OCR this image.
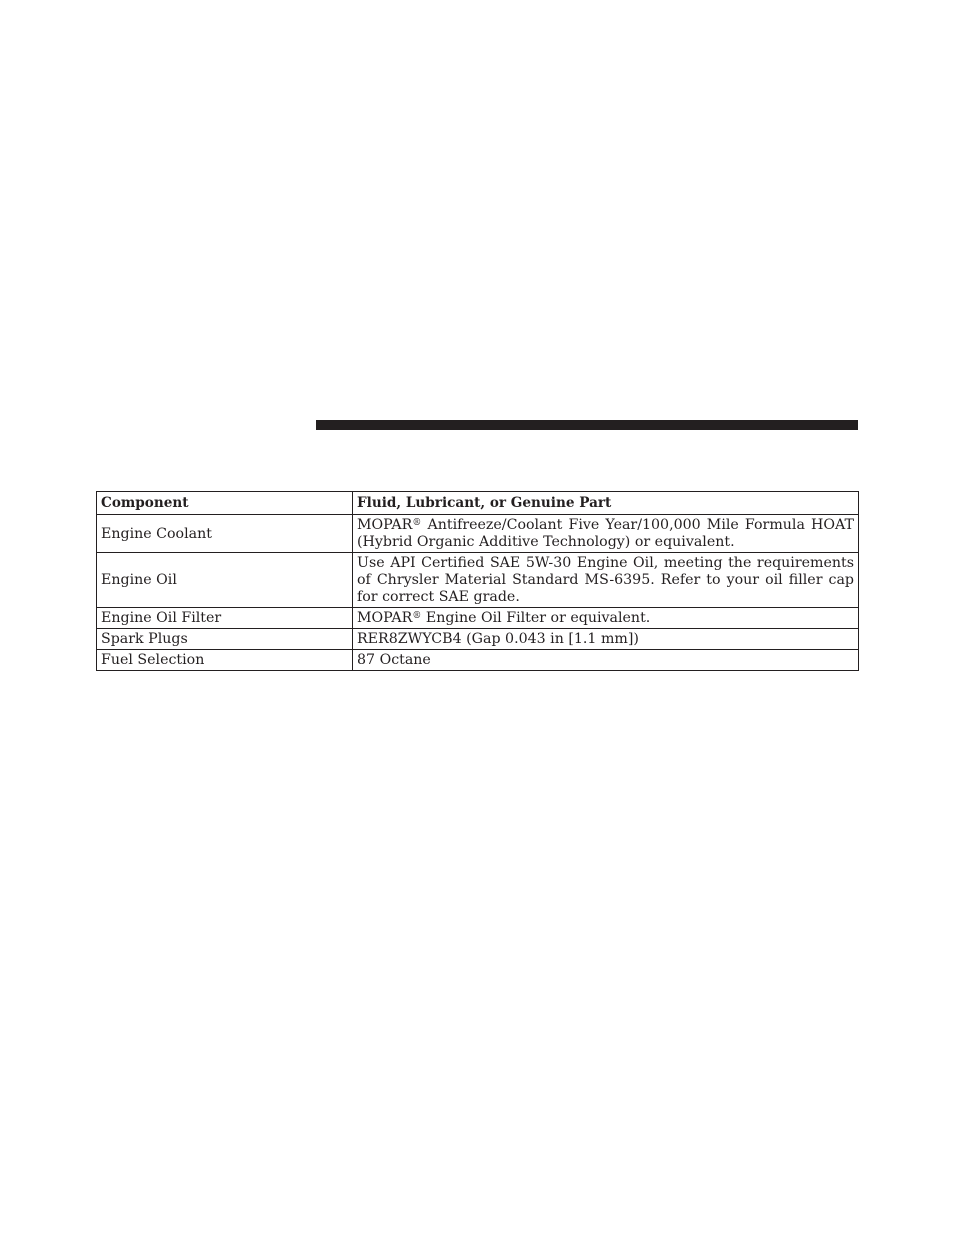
Component	Fluid, Lubricant, or Genuine Part
Engine Coolant	MOPAR® Antifreeze/Coolant Five Year/100,000 Mile Formula HOAT (Hybrid Organic Additive Technology) or equivalent.
Engine Oil	Use API Certified SAE 5W-30 Engine Oil, meeting the requirements of Chrysler Material Standard MS-6395. Refer to your oil filler cap for correct SAE grade.
Engine Oil Filter	MOPAR® Engine Oil Filter or equivalent.
Spark Plugs	RER8ZWYCB4 (Gap 0.043 in [1.1 mm])
Fuel Selection	87 Octane
